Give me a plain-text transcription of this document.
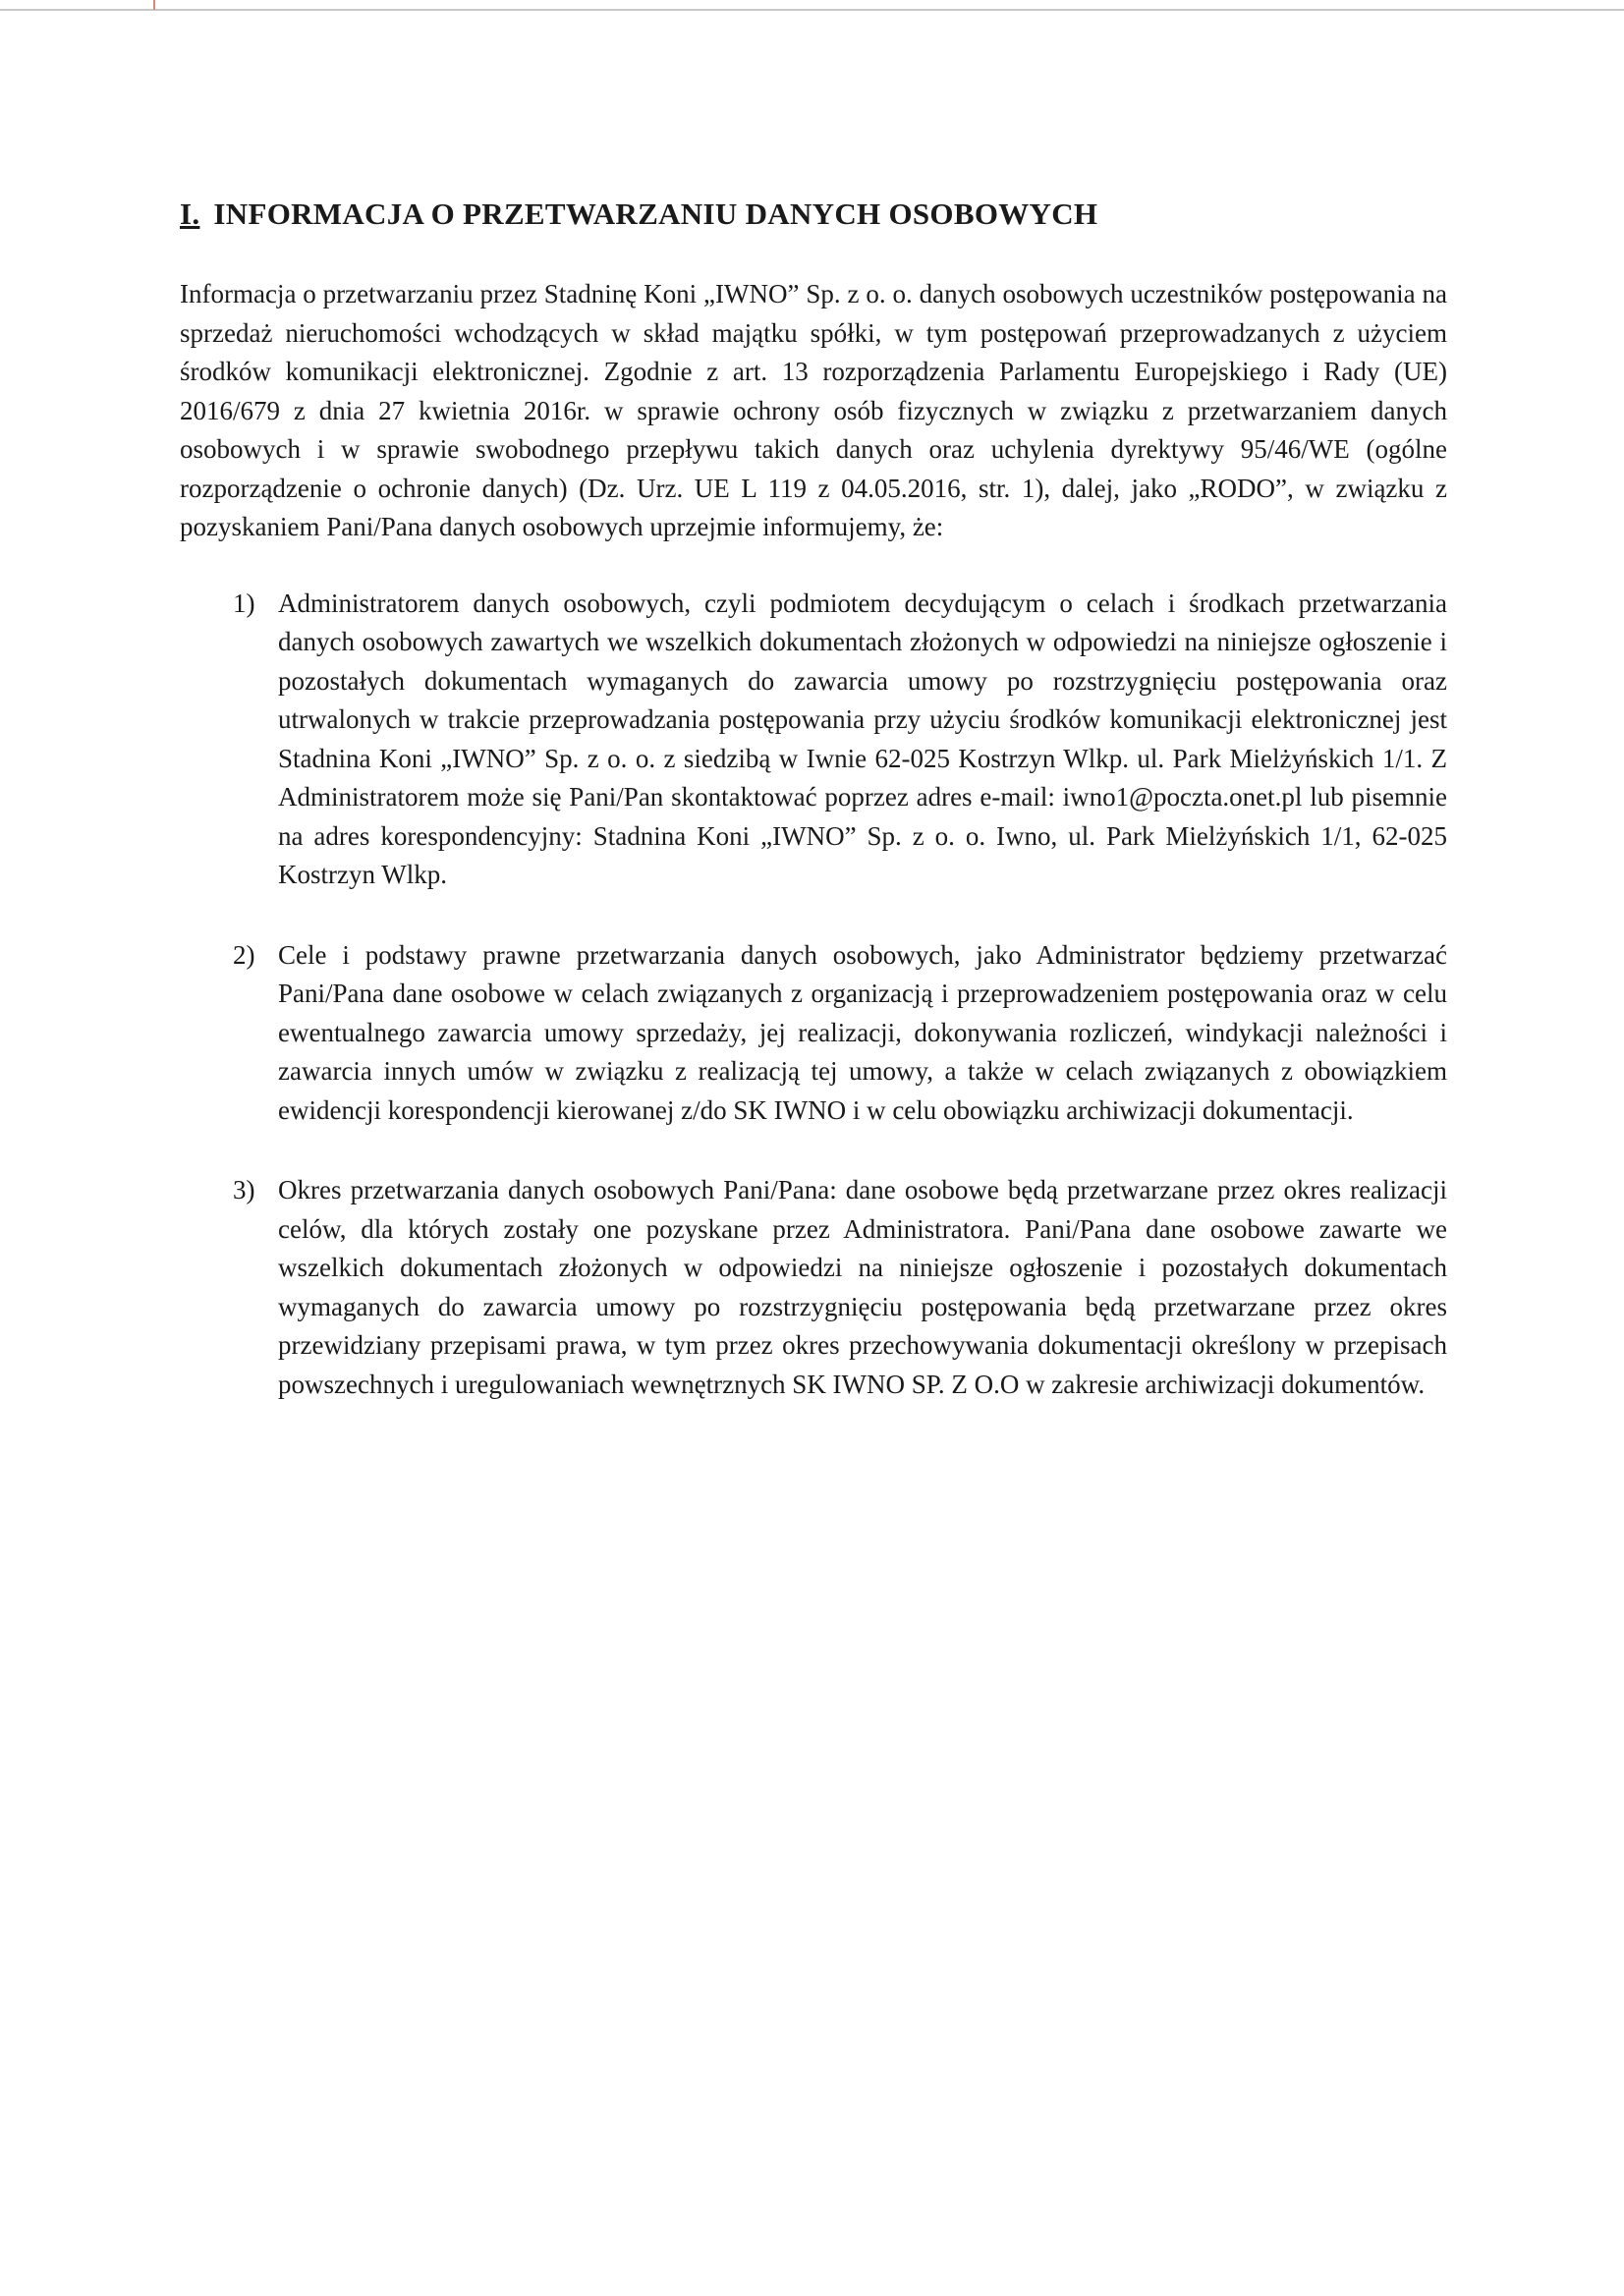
I. INFORMACJA O PRZETWARZANIU DANYCH OSOBOWYCH

Informacja o przetwarzaniu przez Stadninę Koni „IWNO” Sp. z o. o. danych osobowych uczestników postępowania na sprzedaż nieruchomości wchodzących w skład majątku spółki, w tym postępowań przeprowadzanych z użyciem środków komunikacji elektronicznej. Zgodnie z art. 13 rozporządzenia Parlamentu Europejskiego i Rady (UE) 2016/679 z dnia 27 kwietnia 2016r. w sprawie ochrony osób fizycznych w związku z przetwarzaniem danych osobowych i w sprawie swobodnego przepływu takich danych oraz uchylenia dyrektywy 95/46/WE (ogólne rozporządzenie o ochronie danych) (Dz. Urz. UE L 119 z 04.05.2016, str. 1), dalej, jako „RODO”, w związku z pozyskaniem Pani/Pana danych osobowych uprzejmie informujemy, że:

1) Administratorem danych osobowych, czyli podmiotem decydującym o celach i środkach przetwarzania danych osobowych zawartych we wszelkich dokumentach złożonych w odpowiedzi na niniejsze ogłoszenie i pozostałych dokumentach wymaganych do zawarcia umowy po rozstrzygnięciu postępowania oraz utrwalonych w trakcie przeprowadzania postępowania przy użyciu środków komunikacji elektronicznej jest Stadnina Koni „IWNO” Sp. z o. o. z siedzibą w Iwnie 62-025 Kostrzyn Wlkp. ul. Park Mielżyńskich 1/1. Z Administratorem może się Pani/Pan skontaktować poprzez adres e-mail: iwno1@poczta.onet.pl lub pisemnie na adres korespondencyjny: Stadnina Koni „IWNO” Sp. z o. o. Iwno, ul. Park Mielżyńskich 1/1, 62-025 Kostrzyn Wlkp.
2) Cele i podstawy prawne przetwarzania danych osobowych, jako Administrator będziemy przetwarzać Pani/Pana dane osobowe w celach związanych z organizacją i przeprowadzeniem postępowania oraz w celu ewentualnego zawarcia umowy sprzedaży, jej realizacji, dokonywania rozliczeń, windykacji należności i zawarcia innych umów w związku z realizacją tej umowy, a także w celach związanych z obowiązkiem ewidencji korespondencji kierowanej z/do SK IWNO i w celu obowiązku archiwizacji dokumentacji.
3) Okres przetwarzania danych osobowych Pani/Pana: dane osobowe będą przetwarzane przez okres realizacji celów, dla których zostały one pozyskane przez Administratora. Pani/Pana dane osobowe zawarte we wszelkich dokumentach złożonych w odpowiedzi na niniejsze ogłoszenie i pozostałych dokumentach wymaganych do zawarcia umowy po rozstrzygnięciu postępowania będą przetwarzane przez okres przewidziany przepisami prawa, w tym przez okres przechowywania dokumentacji określony w przepisach powszechnych i uregulowaniach wewnętrznych SK IWNO SP. Z O.O w zakresie archiwizacji dokumentów.
